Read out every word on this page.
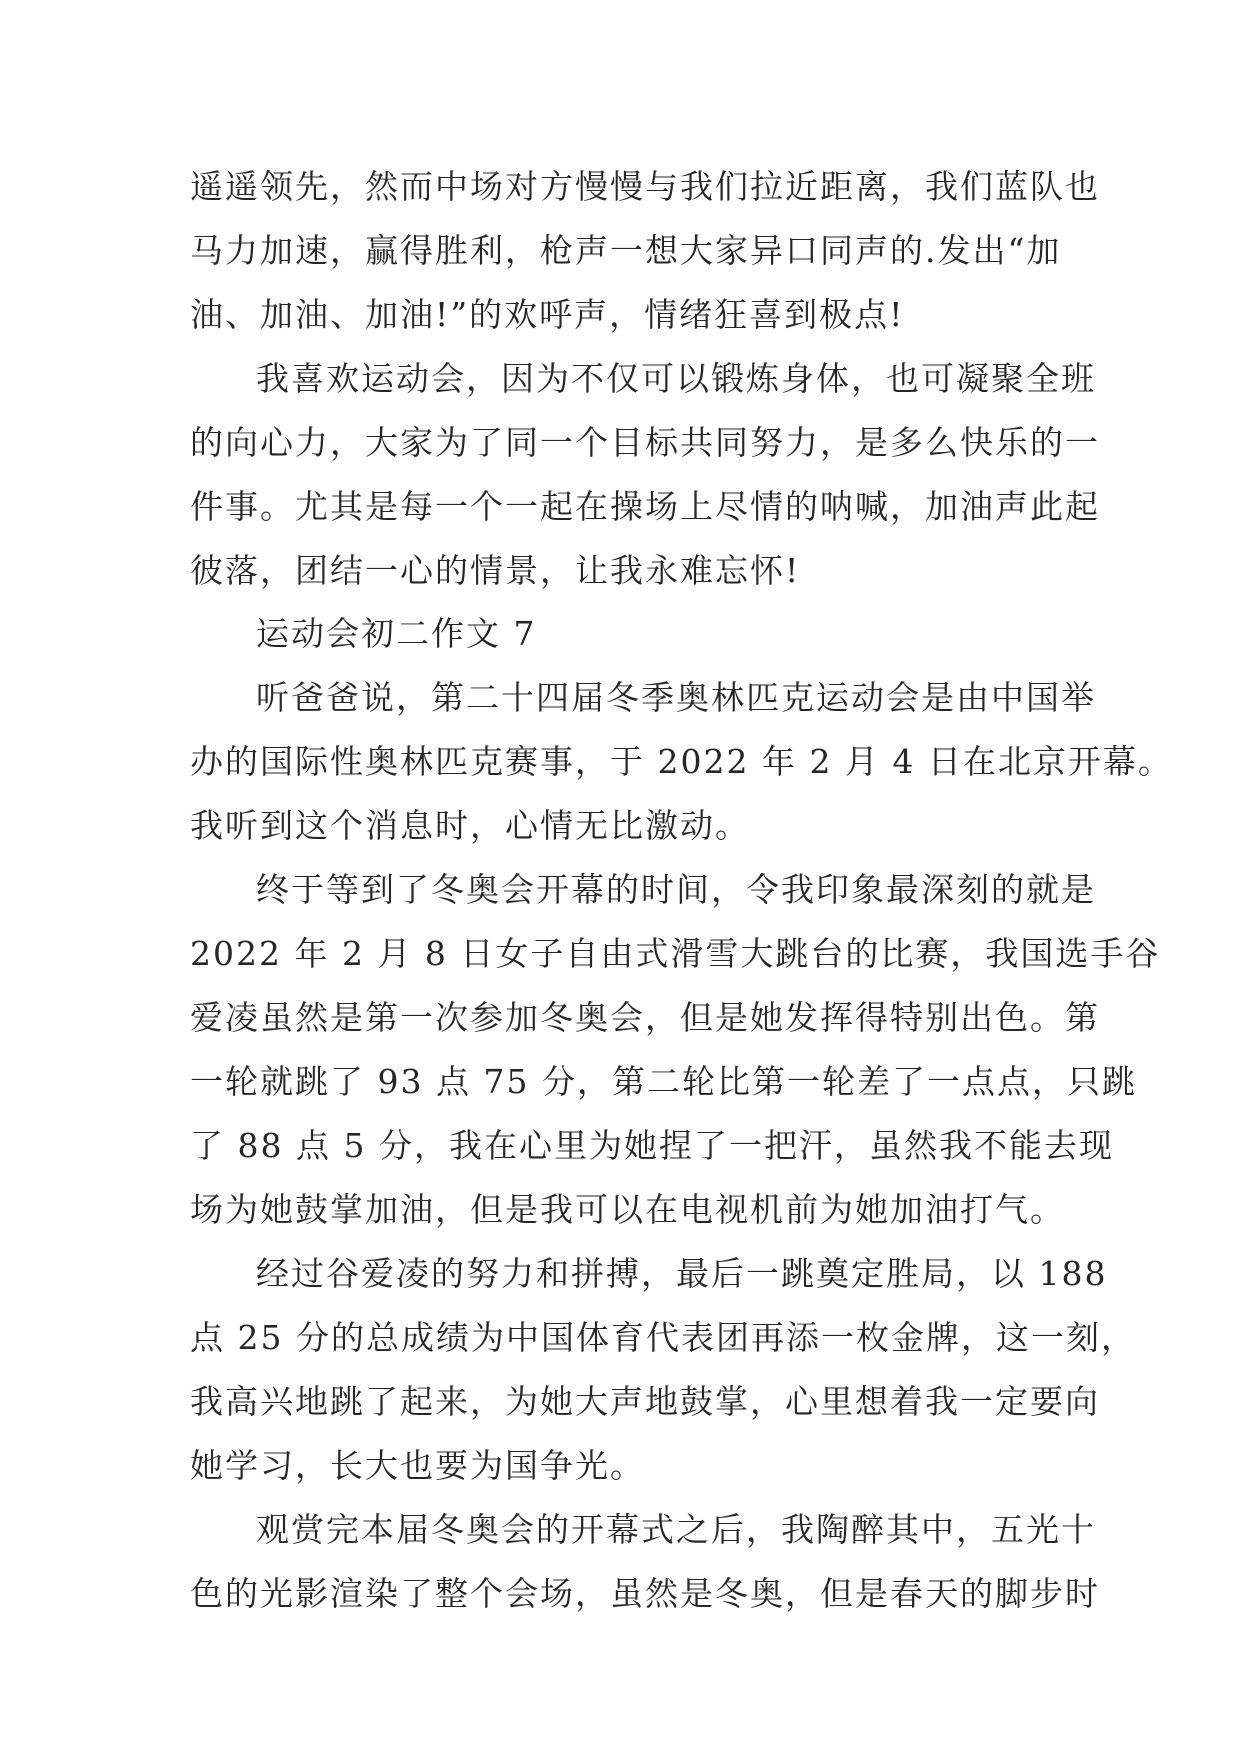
遥遥领先，然而中场对方慢慢与我们拉近距离，我们蓝队也
马力加速，赢得胜利，枪声一想大家异口同声的.发出“加
油、加油、加油!”的欢呼声，情绪狂喜到极点!
我喜欢运动会，因为不仅可以锻炼身体，也可凝聚全班
的向心力，大家为了同一个目标共同努力，是多么快乐的一
件事。尤其是每一个一起在操场上尽情的呐喊，加油声此起
彼落，团结一心的情景，让我永难忘怀!
运动会初二作文 7
听爸爸说，第二十四届冬季奥林匹克运动会是由中国举
办的国际性奥林匹克赛事，于 2022 年 2 月 4 日在北京开幕。
我听到这个消息时，心情无比激动。
终于等到了冬奥会开幕的时间，令我印象最深刻的就是
2022 年 2 月 8 日女子自由式滑雪大跳台的比赛，我国选手谷
爱凌虽然是第一次参加冬奥会，但是她发挥得特别出色。第
一轮就跳了 93 点 75 分，第二轮比第一轮差了一点点，只跳
了 88 点 5 分，我在心里为她捏了一把汗，虽然我不能去现
场为她鼓掌加油，但是我可以在电视机前为她加油打气。
经过谷爱凌的努力和拼搏，最后一跳奠定胜局，以 188
点 25 分的总成绩为中国体育代表团再添一枚金牌，这一刻，
我高兴地跳了起来，为她大声地鼓掌，心里想着我一定要向
她学习，长大也要为国争光。
观赏完本届冬奥会的开幕式之后，我陶醉其中，五光十
色的光影渲染了整个会场，虽然是冬奥，但是春天的脚步时
